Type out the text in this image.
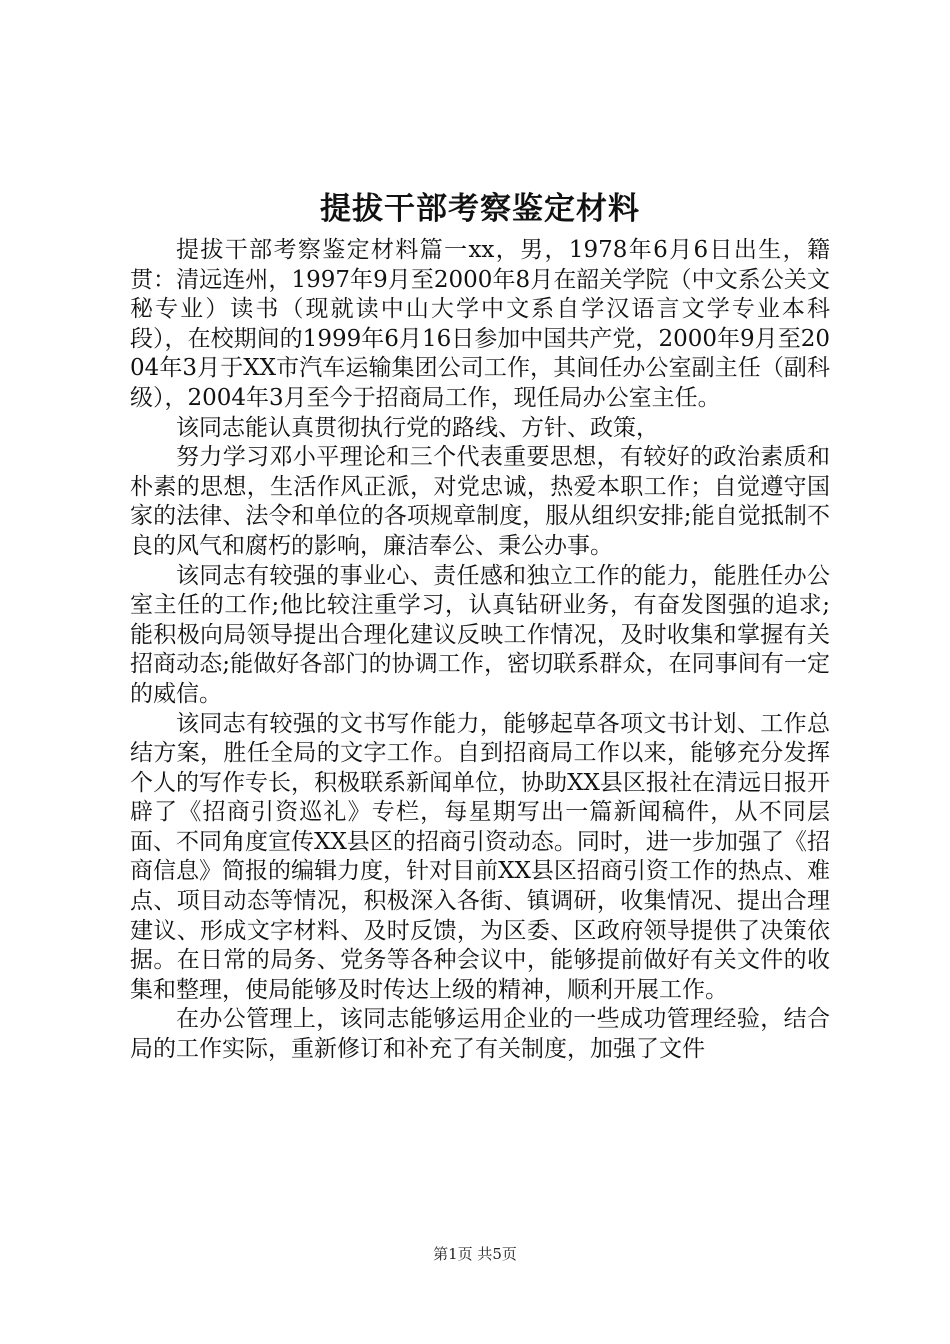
提拔干部考察鉴定材料

提拔干部考察鉴定材料篇一xx，男，1978年6月6日出生，籍贯：清远连州，1997年9月至2000年8月在韶关学院（中文系公关文秘专业）读书（现就读中山大学中文系自学汉语言文学专业本科段），在校期间的1999年6月16日参加中国共产党，2000年9月至2004年3月于XX市汽车运输集团公司工作，其间任办公室副主任（副科级），2004年3月至今于招商局工作，现任局办公室主任。

该同志能认真贯彻执行党的路线、方针、政策，

努力学习邓小平理论和三个代表重要思想，有较好的政治素质和朴素的思想，生活作风正派，对党忠诚，热爱本职工作；自觉遵守国家的法律、法令和单位的各项规章制度，服从组织安排;能自觉抵制不良的风气和腐朽的影响，廉洁奉公、秉公办事。

该同志有较强的事业心、责任感和独立工作的能力，能胜任办公室主任的工作;他比较注重学习，认真钻研业务，有奋发图强的追求;能积极向局领导提出合理化建议反映工作情况，及时收集和掌握有关招商动态;能做好各部门的协调工作，密切联系群众，在同事间有一定的威信。

该同志有较强的文书写作能力，能够起草各项文书计划、工作总结方案，胜任全局的文字工作。自到招商局工作以来，能够充分发挥个人的写作专长，积极联系新闻单位，协助XX县区报社在清远日报开辟了《招商引资巡礼》专栏，每星期写出一篇新闻稿件，从不同层面、不同角度宣传XX县区的招商引资动态。同时，进一步加强了《招商信息》简报的编辑力度，针对目前XX县区招商引资工作的热点、难点、项目动态等情况，积极深入各街、镇调研，收集情况、提出合理建议、形成文字材料、及时反馈，为区委、区政府领导提供了决策依据。在日常的局务、党务等各种会议中，能够提前做好有关文件的收集和整理，使局能够及时传达上级的精神，顺利开展工作。

在办公管理上，该同志能够运用企业的一些成功管理经验，结合局的工作实际，重新修订和补充了有关制度，加强了文件

第1页 共5页
